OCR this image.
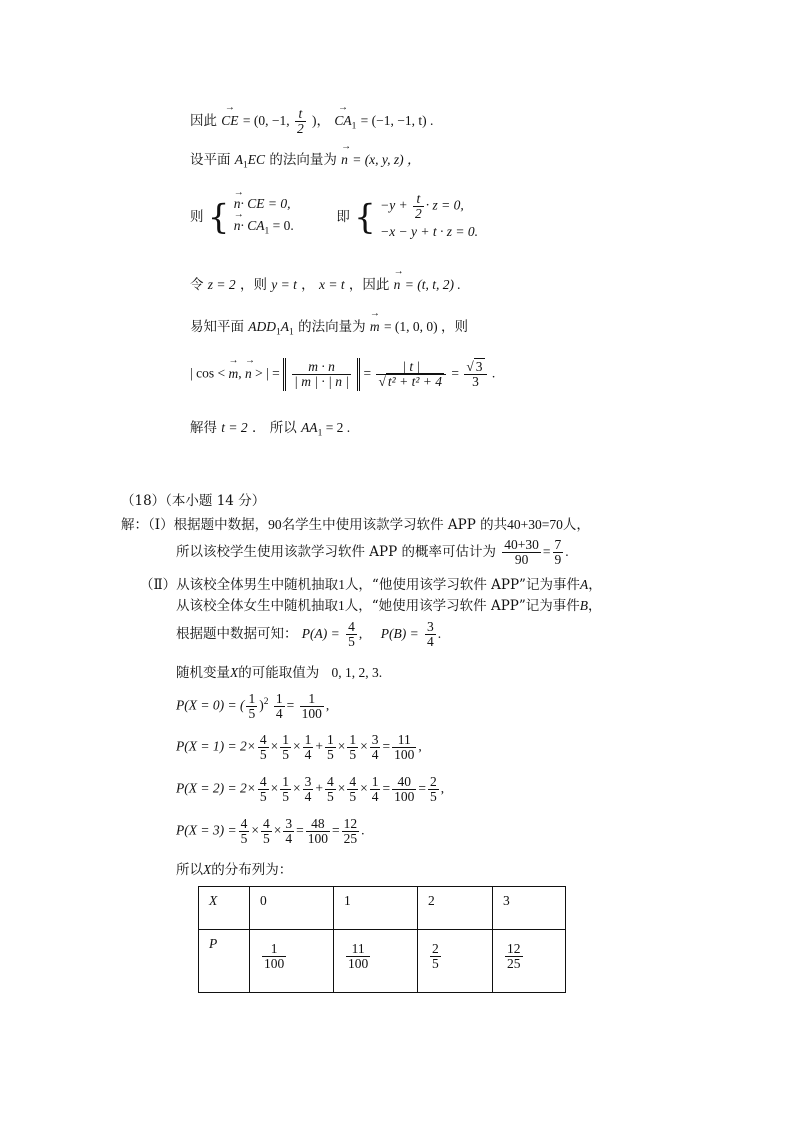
因此 → CE = (0, −1, $\frac{t}{2}$ )， → $CA_1 = (-1$, −1, t) .
设平面 $A_1EC$ 的法向量为 → n = (x, y, z) ，
则 { → n· CE = 0,
→ $n\cdot CA_1 = 0$.
即 { $-y + \frac{t}{2} \cdot z = 0$,
−x − y + t · z = 0.
令 z = 2 ，则 y = t ， x = t ，因此 → n = (t, t, 2) .
易知平面 $ADD_1A_1$ 的法向量为 → m = (1, 0, 0) ，则
| cos < → m, → n > | = $\frac{m \cdot n}{| m | \cdot | n |} = \frac{| t |}{\text{√ t² + t² + 4}} = \frac{√ 3}{3}$ .
解得 t = 2 ． 所以 $AA_1 = 2$ .
（18）（本小题 14 分）
解：（Ⅰ）根据题中数据，90名学生中使用该款学习软件 APP 的共40+30=70人，
所以该校学生使用该款学习软件 APP 的概率可估计为 $\frac{40+30}{90} = \frac{7}{9}$ .
（Ⅱ）从该校全体男生中随机抽取1人，“他使用该学习软件 APP”记为事件A，
从该校全体女生中随机抽取1人，“她使用该学习软件 APP”记为事件B，
根据题中数据可知： $P(A) = \frac{4}{5}$ , $P(B) = \frac{3}{4}$ .
随机变量X的可能取值为 0, 1, 2, 3.
P(X = 0) = ( $\frac{1}{5} )^2 \frac{1}{4} = \frac{1}{100}$ ,
$P(X = 1) = 2\times \frac{4}{5} \times \frac{1}{5} \times \frac{1}{4} + \frac{1}{5} \times \frac{1}{5} \times \frac{3}{4} = \frac{11}{100}$ ,
$P(X = 2) = 2\times \frac{4}{5} \times \frac{1}{5} \times \frac{3}{4} + \frac{4}{5} \times \frac{4}{5} \times \frac{1}{4} = \frac{40}{100} = \frac{2}{5}$ ,
$P(X = 3) = \frac{4}{5} \times \frac{4}{5} \times \frac{3}{4} = \frac{48}{100} = \frac{12}{25}$ .
所以X的分布列为：
X	0	1	2	3
P	$\frac{1}{100}$	$\frac{11}{100}$	$\frac{2}{5}$	$\frac{12}{25}$
